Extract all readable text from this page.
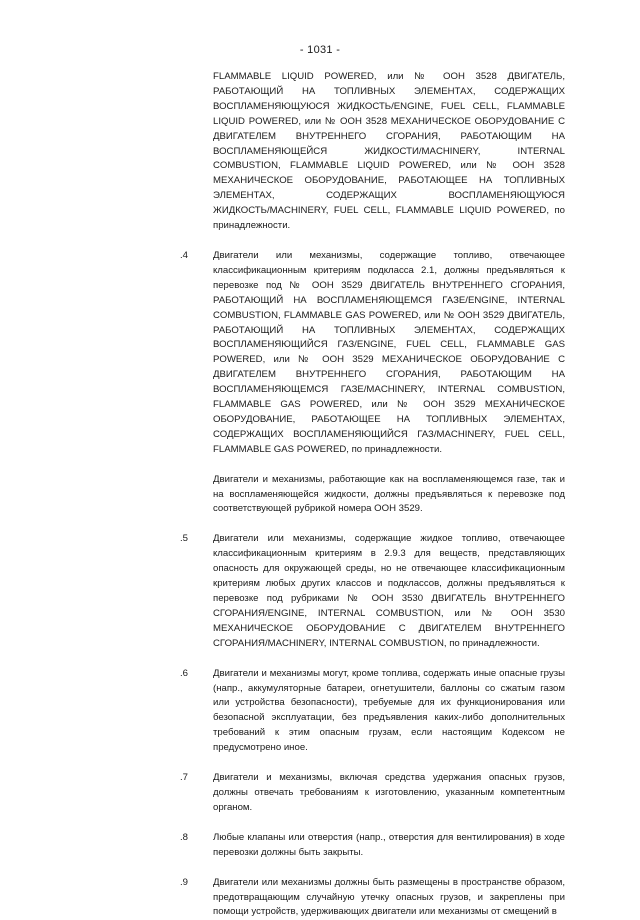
- 1031 -
FLAMMABLE LIQUID POWERED, или № ООН 3528 ДВИГАТЕЛЬ, РАБОТАЮЩИЙ НА ТОПЛИВНЫХ ЭЛЕМЕНТАХ, СОДЕРЖАЩИХ ВОСПЛАМЕНЯЮЩУЮСЯ ЖИДКОСТЬ/ENGINE, FUEL CELL, FLAMMABLE LIQUID POWERED, или № ООН 3528 МЕХАНИЧЕСКОЕ ОБОРУДОВАНИЕ С ДВИГАТЕЛЕМ ВНУТРЕННЕГО СГОРАНИЯ, РАБОТАЮЩИМ НА ВОСПЛАМЕНЯЮЩЕЙСЯ ЖИДКОСТИ/MACHINERY, INTERNAL COMBUSTION, FLAMMABLE LIQUID POWERED, или № ООН 3528 МЕХАНИЧЕСКОЕ ОБОРУДОВАНИЕ, РАБОТАЮЩЕЕ НА ТОПЛИВНЫХ ЭЛЕМЕНТАХ, СОДЕРЖАЩИХ ВОСПЛАМЕНЯЮЩУЮСЯ ЖИДКОСТЬ/MACHINERY, FUEL CELL, FLAMMABLE LIQUID POWERED, по принадлежности.
.4	Двигатели или механизмы, содержащие топливо, отвечающее классификационным критериям подкласса 2.1, должны предъявляться к перевозке под № ООН 3529 ДВИГАТЕЛЬ ВНУТРЕННЕГО СГОРАНИЯ, РАБОТАЮЩИЙ НА ВОСПЛАМЕНЯЮЩЕМСЯ ГАЗЕ/ENGINE, INTERNAL COMBUSTION, FLAMMABLE GAS POWERED, или № ООН 3529 ДВИГАТЕЛЬ, РАБОТАЮЩИЙ НА ТОПЛИВНЫХ ЭЛЕМЕНТАХ, СОДЕРЖАЩИХ ВОСПЛАМЕНЯЮЩИЙСЯ ГАЗ/ENGINE, FUEL CELL, FLAMMABLE GAS POWERED, или № ООН 3529 МЕХАНИЧЕСКОЕ ОБОРУДОВАНИЕ С ДВИГАТЕЛЕМ ВНУТРЕННЕГО СГОРАНИЯ, РАБОТАЮЩИМ НА ВОСПЛАМЕНЯЮЩЕМСЯ ГАЗЕ/MACHINERY, INTERNAL COMBUSTION, FLAMMABLE GAS POWERED, или № ООН 3529 МЕХАНИЧЕСКОЕ ОБОРУДОВАНИЕ, РАБОТАЮЩЕЕ НА ТОПЛИВНЫХ ЭЛЕМЕНТАХ, СОДЕРЖАЩИХ ВОСПЛАМЕНЯЮЩИЙСЯ ГАЗ/MACHINERY, FUEL CELL, FLAMMABLE GAS POWERED, по принадлежности.
Двигатели и механизмы, работающие как на воспламеняющемся газе, так и на воспламеняющейся жидкости, должны предъявляться к перевозке под соответствующей рубрикой номера ООН 3529.
.5	Двигатели или механизмы, содержащие жидкое топливо, отвечающее классификационным критериям в 2.9.3 для веществ, представляющих опасность для окружающей среды, но не отвечающее классификационным критериям любых других классов и подклассов, должны предъявляться к перевозке под рубриками № ООН 3530 ДВИГАТЕЛЬ ВНУТРЕННЕГО СГОРАНИЯ/ENGINE, INTERNAL COMBUSTION, или № ООН 3530 МЕХАНИЧЕСКОЕ ОБОРУДОВАНИЕ С ДВИГАТЕЛЕМ ВНУТРЕННЕГО СГОРАНИЯ/MACHINERY, INTERNAL COMBUSTION, по принадлежности.
.6	Двигатели и механизмы могут, кроме топлива, содержать иные опасные грузы (напр., аккумуляторные батареи, огнетушители, баллоны со сжатым газом или устройства безопасности), требуемые для их функционирования или безопасной эксплуатации, без предъявления каких-либо дополнительных требований к этим опасным грузам, если настоящим Кодексом не предусмотрено иное.
.7	Двигатели и механизмы, включая средства удержания опасных грузов, должны отвечать требованиям к изготовлению, указанным компетентным органом.
.8	Любые клапаны или отверстия (напр., отверстия для вентилирования) в ходе перевозки должны быть закрыты.
.9	Двигатели или механизмы должны быть размещены в пространстве образом, предотвращающим случайную утечку опасных грузов, и закреплены при помощи устройств, удерживающих двигатели или механизмы от смещений в
